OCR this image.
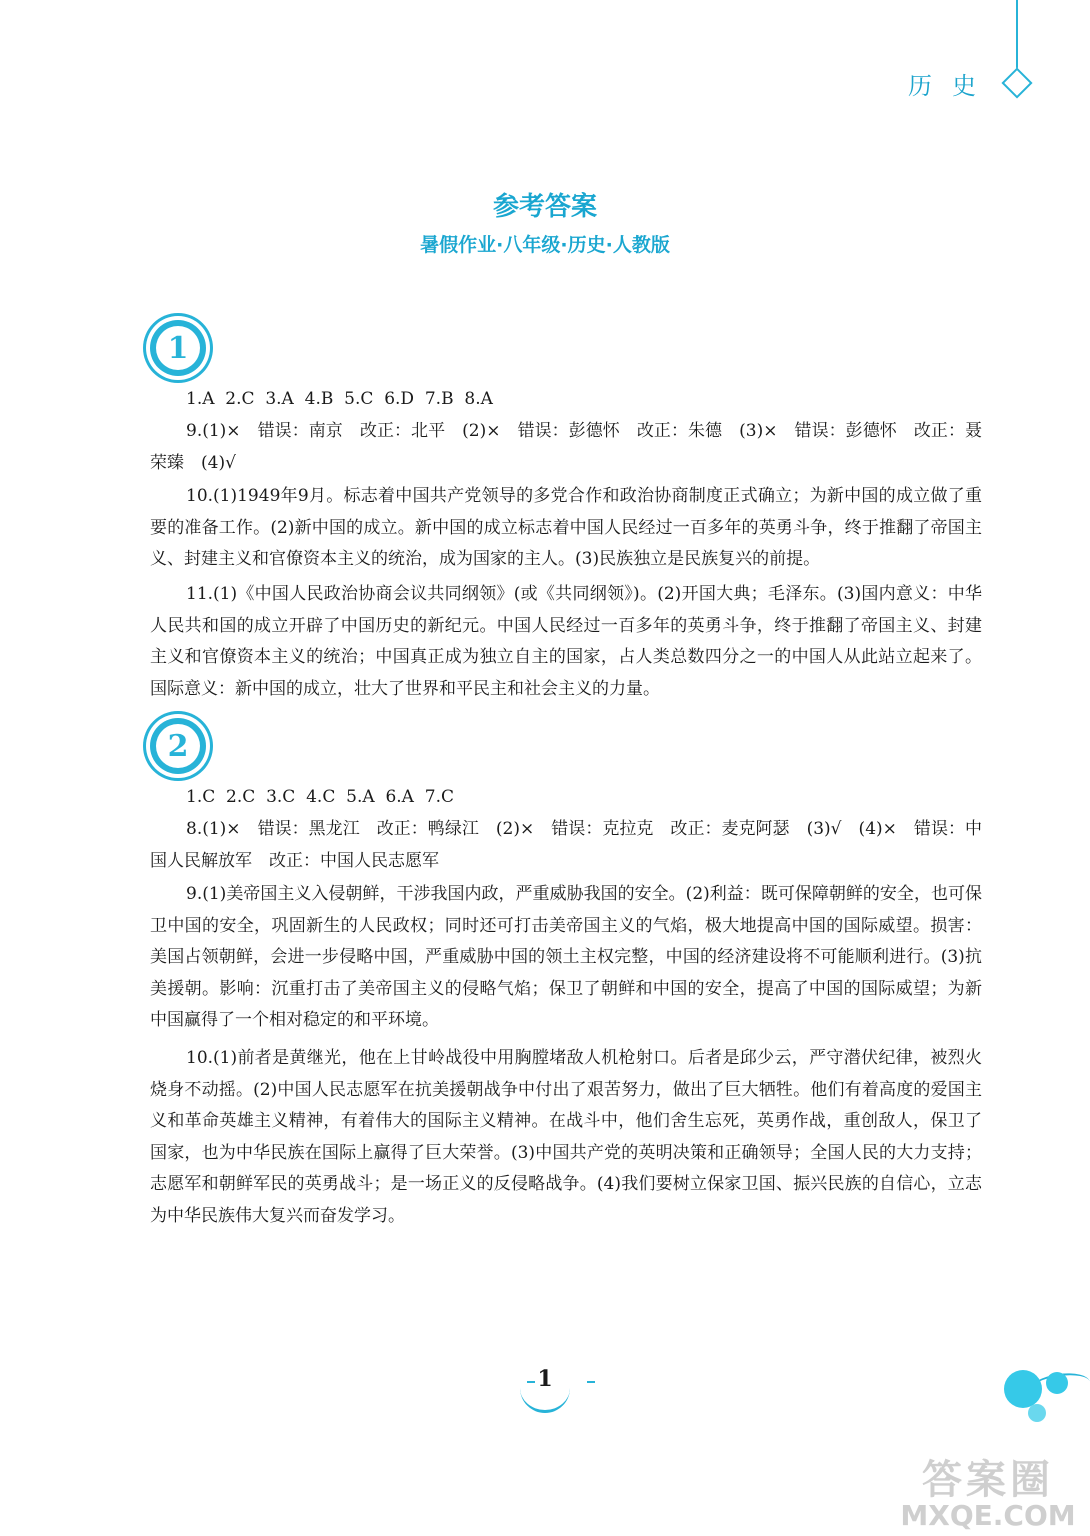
历史
参考答案
暑假作业·八年级·历史·人教版
1
1.A  2.C  3.A  4.B  5.C  6.D  7.B  8.A
9.(1)×　错误：南京　改正：北平　(2)×　错误：彭德怀　改正：朱德　(3)×　错误：彭德怀　改正：聂荣臻　(4)√
10.(1)1949年9月。标志着中国共产党领导的多党合作和政治协商制度正式确立；为新中国的成立做了重要的准备工作。(2)新中国的成立。新中国的成立标志着中国人民经过一百多年的英勇斗争，终于推翻了帝国主义、封建主义和官僚资本主义的统治，成为国家的主人。(3)民族独立是民族复兴的前提。
11.(1)《中国人民政治协商会议共同纲领》(或《共同纲领》)。(2)开国大典；毛泽东。(3)国内意义：中华人民共和国的成立开辟了中国历史的新纪元。中国人民经过一百多年的英勇斗争，终于推翻了帝国主义、封建主义和官僚资本主义的统治；中国真正成为独立自主的国家，占人类总数四分之一的中国人从此站立起来了。国际意义：新中国的成立，壮大了世界和平民主和社会主义的力量。
2
1.C  2.C  3.C  4.C  5.A  6.A  7.C
8.(1)×　错误：黑龙江　改正：鸭绿江　(2)×　错误：克拉克　改正：麦克阿瑟　(3)√　(4)×　错误：中国人民解放军　改正：中国人民志愿军
9.(1)美帝国主义入侵朝鲜，干涉我国内政，严重威胁我国的安全。(2)利益：既可保障朝鲜的安全，也可保卫中国的安全，巩固新生的人民政权；同时还可打击美帝国主义的气焰，极大地提高中国的国际威望。损害：美国占领朝鲜，会进一步侵略中国，严重威胁中国的领土主权完整，中国的经济建设将不可能顺利进行。(3)抗美援朝。影响：沉重打击了美帝国主义的侵略气焰；保卫了朝鲜和中国的安全，提高了中国的国际威望；为新中国赢得了一个相对稳定的和平环境。
10.(1)前者是黄继光，他在上甘岭战役中用胸膛堵敌人机枪射口。后者是邱少云，严守潜伏纪律，被烈火烧身不动摇。(2)中国人民志愿军在抗美援朝战争中付出了艰苦努力，做出了巨大牺牲。他们有着高度的爱国主义和革命英雄主义精神，有着伟大的国际主义精神。在战斗中，他们舍生忘死，英勇作战，重创敌人，保卫了国家，也为中华民族在国际上赢得了巨大荣誉。(3)中国共产党的英明决策和正确领导；全国人民的大力支持；志愿军和朝鲜军民的英勇战斗；是一场正义的反侵略战争。(4)我们要树立保家卫国、振兴民族的自信心，立志为中华民族伟大复兴而奋发学习。
1
答案圈
MXQE.COM
